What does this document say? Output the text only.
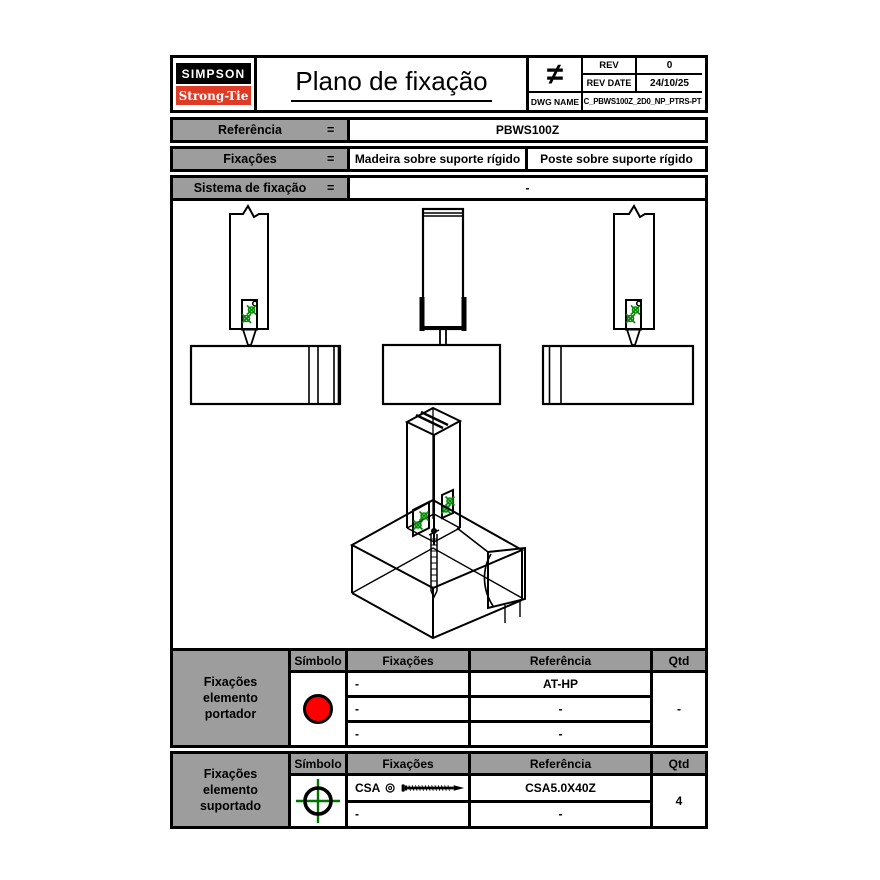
SIMPSON
Strong-Tie Plano de fixação	≠	REV	0
REV DATE	24/10/25
DWG NAME C_PBWS100Z_2D0_NP_PTRS-PT
Referência	=	PBWS100Z
Fixações	=	Madeira sobre suporte rígido	Poste sobre suporte rígido
Sistema de fixação	=	-
Fixações elemento portador
Símbolo	Fixações	Referência	Qtd
-	AT-HP
-	-
-	-
-
Fixações elemento suportado
Símbolo	Fixações	Referência	Qtd
CSA	CSA5.0X40Z
-	-
4
